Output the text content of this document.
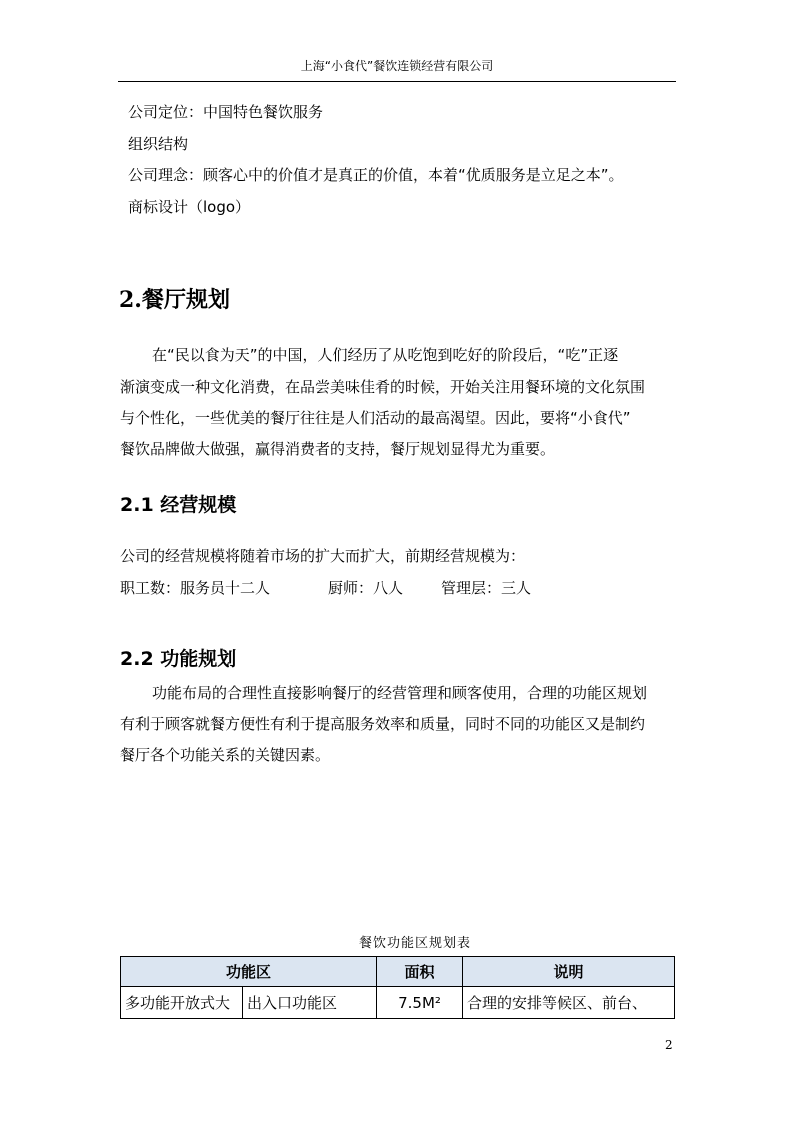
上海“小食代”餐饮连锁经营有限公司
公司定位：中国特色餐饮服务
组织结构
公司理念：顾客心中的价值才是真正的价值，本着“优质服务是立足之本”。
商标设计（logo）
2.餐厅规划
在“民以食为天”的中国，人们经历了从吃饱到吃好的阶段后，“吃”正逐
渐演变成一种文化消费，在品尝美味佳肴的时候，开始关注用餐环境的文化氛围
与个性化，一些优美的餐厅往往是人们活动的最高渴望。因此，要将“小食代”
餐饮品牌做大做强，赢得消费者的支持，餐厅规划显得尤为重要。
2.1 经营规模
公司的经营规模将随着市场的扩大而扩大，前期经营规模为：
职工数：服务员十二人	厨师：八人	管理层：三人
2.2 功能规划
功能布局的合理性直接影响餐厅的经营管理和顾客使用，合理的功能区规划
有利于顾客就餐方便性有利于提高服务效率和质量，同时不同的功能区又是制约
餐厅各个功能关系的关键因素。
餐饮功能区规划表
功能区		面积	说明
多功能开放式大	出入口功能区	7.5M²	合理的安排等候区、前台、
2
